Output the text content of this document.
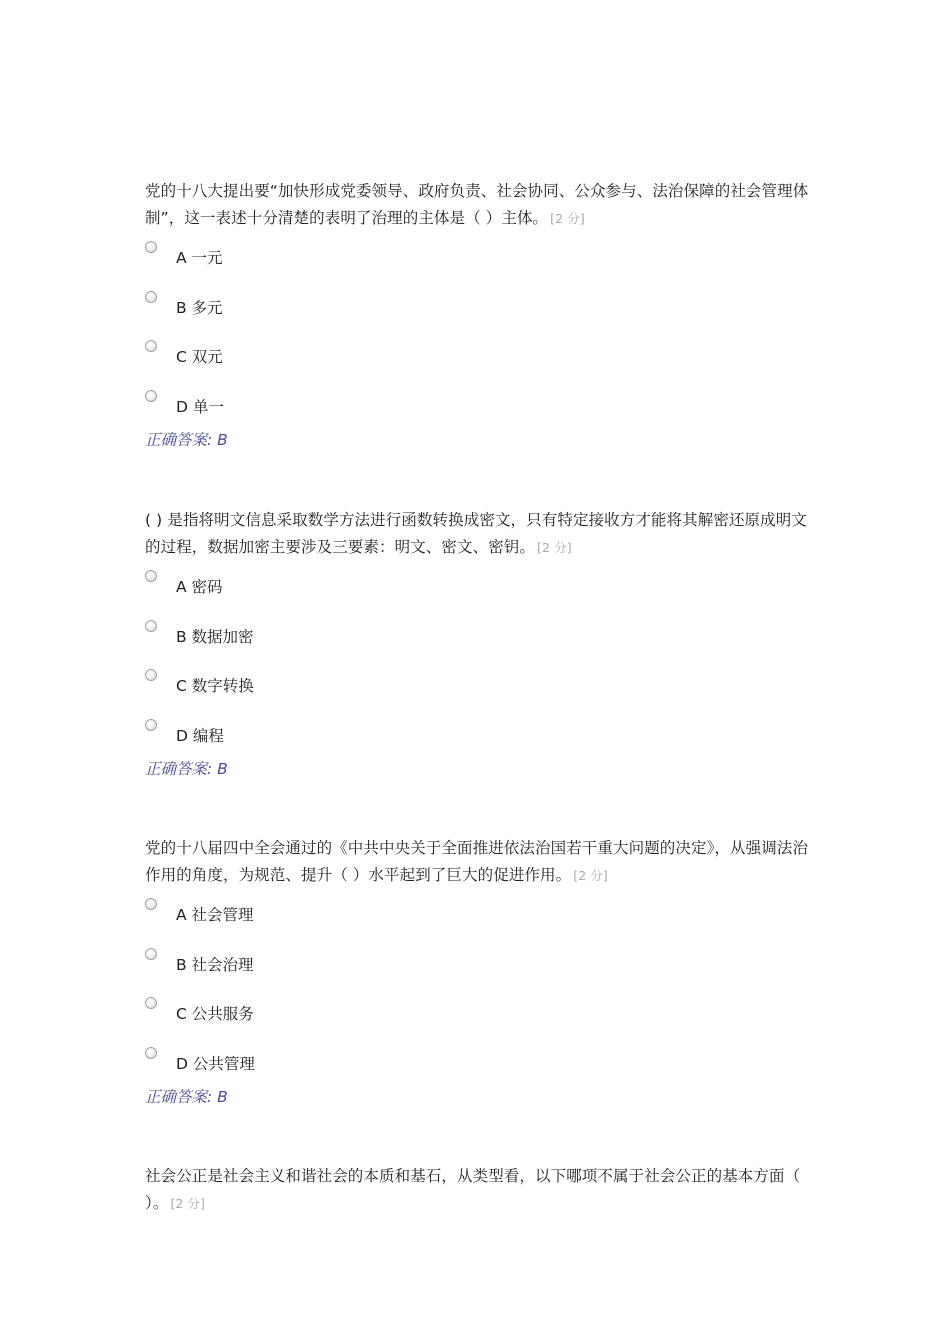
党的十八大提出要“加快形成党委领导、政府负责、社会协同、公众参与、法治保障的社会管理体制”，这一表述十分清楚的表明了治理的主体是（ ）主体。 [2 分]

A 一元
B 多元
C 双元
D 单一
正确答案: B

( ) 是指将明文信息采取数学方法进行函数转换成密文，只有特定接收方才能将其解密还原成明文的过程，数据加密主要涉及三要素：明文、密文、密钥。 [2 分]

A 密码
B 数据加密
C 数字转换
D 编程
正确答案: B

党的十八届四中全会通过的《中共中央关于全面推进依法治国若干重大问题的决定》，从强调法治作用的角度，为规范、提升（ ）水平起到了巨大的促进作用。 [2 分]

A 社会管理
B 社会治理
C 公共服务
D 公共管理
正确答案: B

社会公正是社会主义和谐社会的本质和基石，从类型看，以下哪项不属于社会公正的基本方面（ ）。 [2 分]
